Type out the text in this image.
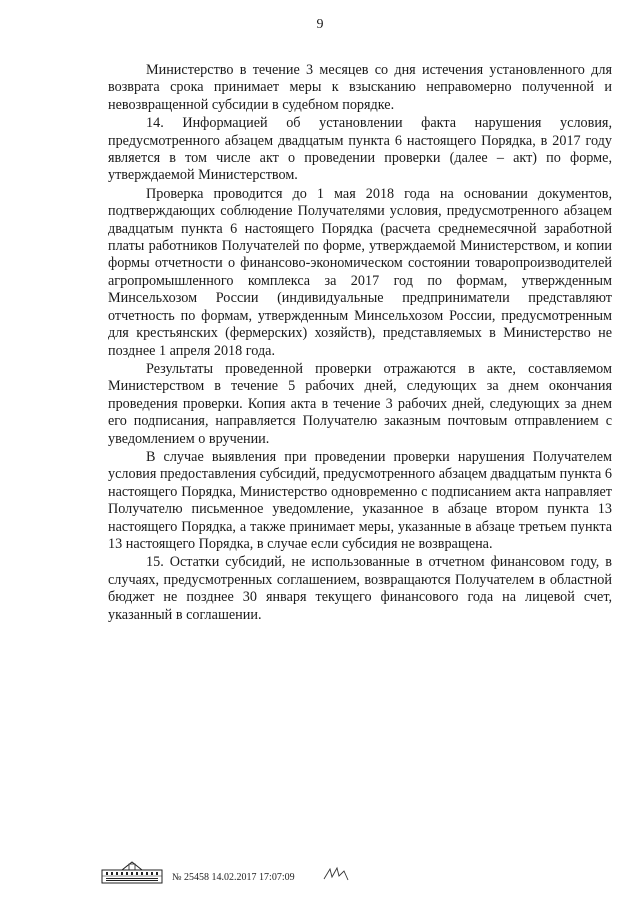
9

Министерство в течение 3 месяцев со дня истечения установленного для возврата срока принимает меры к взысканию неправомерно полученной и невозвращенной субсидии в судебном порядке.

14. Информацией об установлении факта нарушения условия, предусмотренного абзацем двадцатым пункта 6 настоящего Порядка, в 2017 году является в том числе акт о проведении проверки (далее – акт) по форме, утверждаемой Министерством.

Проверка проводится до 1 мая 2018 года на основании документов, подтверждающих соблюдение Получателями условия, предусмотренного абзацем двадцатым пункта 6 настоящего Порядка (расчета среднемесячной заработной платы работников Получателей по форме, утверждаемой Министерством, и копии формы отчетности о финансово-экономическом состоянии товаропроизводителей агропромышленного комплекса за 2017 год по формам, утвержденным Минсельхозом России (индивидуальные предприниматели представляют отчетность по формам, утвержденным Минсельхозом России, предусмотренным для крестьянских (фермерских) хозяйств), представляемых в Министерство не позднее 1 апреля 2018 года.

Результаты проведенной проверки отражаются в акте, составляемом Министерством в течение 5 рабочих дней, следующих за днем окончания проведения проверки. Копия акта в течение 3 рабочих дней, следующих за днем его подписания, направляется Получателю заказным почтовым отправлением с уведомлением о вручении.

В случае выявления при проведении проверки нарушения Получателем условия предоставления субсидий, предусмотренного абзацем двадцатым пункта 6 настоящего Порядка, Министерство одновременно с подписанием акта направляет Получателю письменное уведомление, указанное в абзаце втором пункта 13 настоящего Порядка, а также принимает меры, указанные в абзаце третьем пункта 13 настоящего Порядка, в случае если субсидия не возвращена.

15. Остатки субсидий, не использованные в отчетном финансовом году, в случаях, предусмотренных соглашением, возвращаются Получателем в областной бюджет не позднее 30 января текущего финансового года на лицевой счет, указанный в соглашении.

№ 25458 14.02.2017 17:07:09
